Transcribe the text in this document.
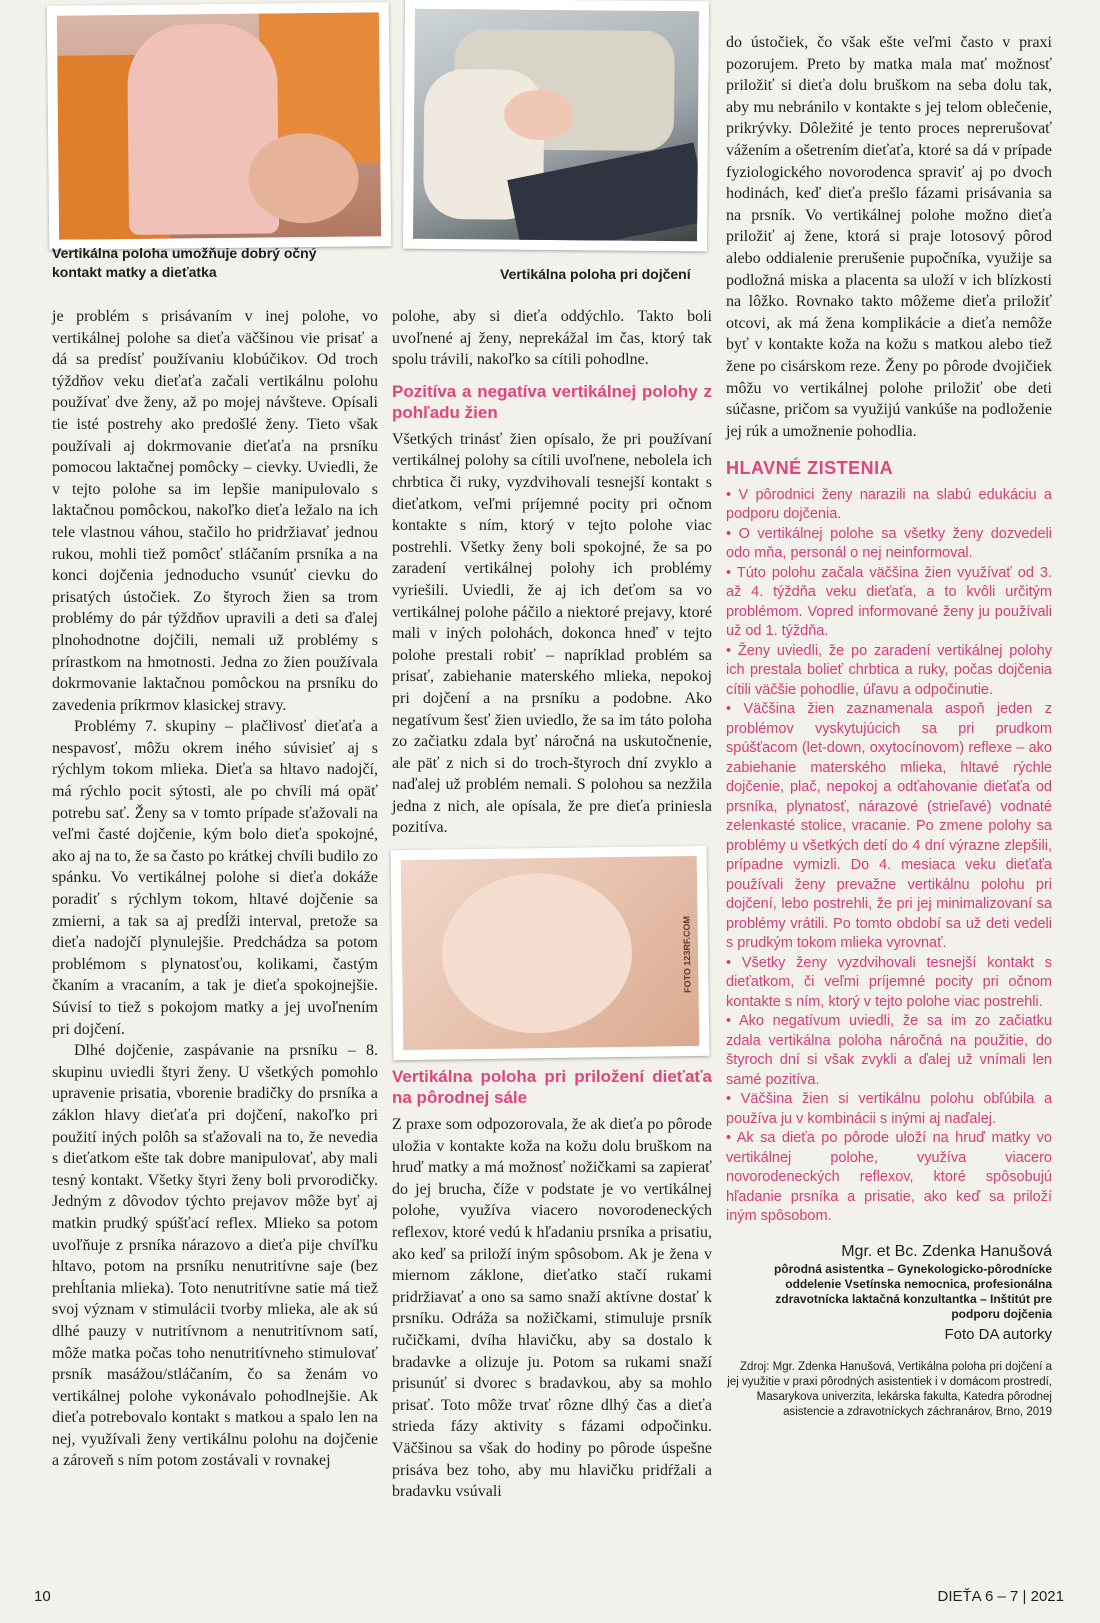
Vertikálna poloha umožňuje dobrý očný kontakt matky a dieťatka	Vertikálna poloha pri dojčení

je problém s prisávaním v inej polohe, vo vertikálnej polohe sa dieťa väčšinou vie prisať a dá sa predísť používaniu klobúčikov. Od troch týždňov veku dieťaťa začali vertikálnu polohu používať dve ženy, až po mojej návšteve. Opísali tie isté postrehy ako predošlé ženy. Tieto však používali aj dokrmovanie dieťaťa na prsníku pomocou laktačnej pomôcky – cievky. Uviedli, že v tejto polohe sa im lepšie manipulovalo s laktačnou pomôckou, nakoľko dieťa ležalo na ich tele vlastnou váhou, stačilo ho pridržiavať jednou rukou, mohli tiež pomôcť stláčaním prsníka a na konci dojčenia jednoducho vsunúť cievku do prisatých ústočiek. Zo štyroch žien sa trom problémy do pár týždňov upravili a deti sa ďalej plnohodnotne dojčili, nemali už problémy s prírastkom na hmotnosti. Jedna zo žien používala dokrmovanie laktačnou pomôckou na prsníku do zavedenia príkrmov klasickej stravy.

Problémy 7. skupiny – plačlivosť dieťaťa a nespavosť, môžu okrem iného súvisieť aj s rýchlym tokom mlieka. Dieťa sa hltavo nadojčí, má rýchlo pocit sýtosti, ale po chvíli má opäť potrebu sať. Ženy sa v tomto prípade sťažovali na veľmi časté dojčenie, kým bolo dieťa spokojné, ako aj na to, že sa často po krátkej chvíli budilo zo spánku. Vo vertikálnej polohe si dieťa dokáže poradiť s rýchlym tokom, hltavé dojčenie sa zmierni, a tak sa aj predĺži interval, pretože sa dieťa nadojčí plynulejšie. Predchádza sa potom problémom s plynatosťou, kolikami, častým čkaním a vracaním, a tak je dieťa spokojnejšie. Súvisí to tiež s pokojom matky a jej uvoľnením pri dojčení.

Dlhé dojčenie, zaspávanie na prsníku – 8. skupinu uviedli štyri ženy. U všetkých pomohlo upravenie prisatia, vborenie bradičky do prsníka a záklon hlavy dieťaťa pri dojčení, nakoľko pri použití iných polôh sa sťažovali na to, že nevedia s dieťatkom ešte tak dobre manipulovať, aby mali tesný kontakt. Všetky štyri ženy boli prvorodičky. Jedným z dôvodov týchto prejavov môže byť aj matkin prudký spúšťací reflex. Mlieko sa potom uvoľňuje z prsníka nárazovo a dieťa pije chvíľku hltavo, potom na prsníku nenutritívne saje (bez prehĺtania mlieka). Toto nenutritívne satie má tiež svoj význam v stimulácii tvorby mlieka, ale ak sú dlhé pauzy v nutritívnom a nenutritívnom satí, môže matka počas toho nenutritívneho stimulovať prsník masážou/stláčaním, čo sa ženám vo vertikálnej polohe vykonávalo pohodlnejšie. Ak dieťa potrebovalo kontakt s matkou a spalo len na nej, využívali ženy vertikálnu polohu na dojčenie a zároveň s ním potom zostávali v rovnakej

polohe, aby si dieťa oddýchlo. Takto boli uvoľnené aj ženy, neprekážal im čas, ktorý tak spolu trávili, nakoľko sa cítili pohodlne.

Pozitíva a negatíva vertikálnej polohy z pohľadu žien

Všetkých trinásť žien opísalo, že pri používaní vertikálnej polohy sa cítili uvoľnene, nebolela ich chrbtica či ruky, vyzdvihovali tesnejší kontakt s dieťatkom, veľmi príjemné pocity pri očnom kontakte s ním, ktorý v tejto polohe viac postrehli. Všetky ženy boli spokojné, že sa po zaradení vertikálnej polohy ich problémy vyriešili. Uviedli, že aj ich deťom sa vo vertikálnej polohe páčilo a niektoré prejavy, ktoré mali v iných polohách, dokonca hneď v tejto polohe prestali robiť – napríklad problém sa prisať, zabiehanie materského mlieka, nepokoj pri dojčení a na prsníku a podobne. Ako negatívum šesť žien uviedlo, že sa im táto poloha zo začiatku zdala byť náročná na uskutočnenie, ale päť z nich si do troch-štyroch dní zvyklo a naďalej už problém nemali. S polohou sa nezžila jedna z nich, ale opísala, že pre dieťa priniesla pozitíva.

FOTO 123RF.COM
Vertikálna poloha pri priložení dieťaťa na pôrodnej sále

Z praxe som odpozorovala, že ak dieťa po pôrode uložia v kontakte koža na kožu dolu bruškom na hruď matky a má možnosť nožičkami sa zapierať do jej brucha, číže v podstate je vo vertikálnej polohe, využíva viacero novorodeneckých reflexov, ktoré vedú k hľadaniu prsníka a prisatiu, ako keď sa priloží iným spôsobom. Ak je žena v miernom záklone, dieťatko stačí rukami pridržiavať a ono sa samo snaží aktívne dostať k prsníku. Odráža sa nožičkami, stimuluje prsník ručičkami, dvíha hlavičku, aby sa dostalo k bradavke a olizuje ju. Potom sa rukami snaží prisunúť si dvorec s bradavkou, aby sa mohlo prisať. Toto môže trvať rôzne dlhý čas a dieťa strieda fázy aktivity s fázami odpočinku. Väčšinou sa však do hodiny po pôrode úspešne prisáva bez toho, aby mu hlavičku pridŕžali a bradavku vsúvali

do ústočiek, čo však ešte veľmi často v praxi pozorujem. Preto by matka mala mať možnosť priložiť si dieťa dolu bruškom na seba dolu tak, aby mu nebránilo v kontakte s jej telom oblečenie, prikrývky. Dôležité je tento proces neprerušovať vážením a ošetrením dieťaťa, ktoré sa dá v prípade fyziologického novorodenca spraviť aj po dvoch hodinách, keď dieťa prešlo fázami prisávania sa na prsník. Vo vertikálnej polohe možno dieťa priložiť aj žene, ktorá si praje lotosový pôrod alebo oddialenie prerušenie pupočníka, využije sa podložná miska a placenta sa uloží v ich blízkosti na lôžko. Rovnako takto môžeme dieťa priložiť otcovi, ak má žena komplikácie a dieťa nemôže byť v kontakte koža na kožu s matkou alebo tiež žene po cisárskom reze. Ženy po pôrode dvojičiek môžu vo vertikálnej polohe priložiť obe deti súčasne, pričom sa využijú vankúše na podloženie jej rúk a umožnenie pohodlia.

HLAVNÉ ZISTENIA
• V pôrodnici ženy narazili na slabú edukáciu a podporu dojčenia.
• O vertikálnej polohe sa všetky ženy dozvedeli odo mňa, personál o nej neinformoval.
• Túto polohu začala väčšina žien využívať od 3. až 4. týždňa veku dieťaťa, a to kvôli určitým problémom. Vopred informované ženy ju používali už od 1. týždňa.
• Ženy uviedli, že po zaradení vertikálnej polohy ich prestala bolieť chrbtica a ruky, počas dojčenia cítili väčšie pohodlie, úľavu a odpočinutie.
• Väčšina žien zaznamenala aspoň jeden z problémov vyskytujúcich sa pri prudkom spúšťacom (let-down, oxytocínovom) reflexe – ako zabiehanie materského mlieka, hltavé rýchle dojčenie, plač, nepokoj a odťahovanie dieťaťa od prsníka, plynatosť, nárazové (strieľavé) vodnaté zelenkasté stolice, vracanie. Po zmene polohy sa problémy u všetkých detí do 4 dní výrazne zlepšili, prípadne vymizli. Do 4. mesiaca veku dieťaťa používali ženy prevažne vertikálnu polohu pri dojčení, lebo postrehli, že pri jej minimalizovaní sa problémy vrátili. Po tomto období sa už deti vedeli s prudkým tokom mlieka vyrovnať.
• Všetky ženy vyzdvihovali tesnejší kontakt s dieťatkom, či veľmi príjemné pocity pri očnom kontakte s ním, ktorý v tejto polohe viac postrehli.
• Ako negatívum uviedli, že sa im zo začiatku zdala vertikálna poloha náročná na použitie, do štyroch dní si však zvykli a ďalej už vnímali len samé pozitíva.
• Väčšina žien si vertikálnu polohu obľúbila a používa ju v kombinácii s inými aj naďalej.
• Ak sa dieťa po pôrode uloží na hruď matky vo vertikálnej polohe, využíva viacero novorodeneckých reflexov, ktoré spôsobujú hľadanie prsníka a prisatie, ako keď sa priloží iným spôsobom.
Mgr. et Bc. Zdenka Hanušová
pôrodná asistentka – Gynekologicko-pôrodnícke oddelenie Vsetínska nemocnica, profesionálna zdravotnícka laktačná konzultantka – Inštitút pre podporu dojčenia
Foto DA autorky
Zdroj: Mgr. Zdenka Hanušová, Vertikálna poloha pri dojčení a jej využitie v praxi pôrodných asistentiek i v domácom prostredí, Masarykova univerzita, lekárska fakulta, Katedra pôrodnej asistencie a zdravotníckych záchranárov, Brno, 2019
10	DIEŤA 6 – 7 | 2021
